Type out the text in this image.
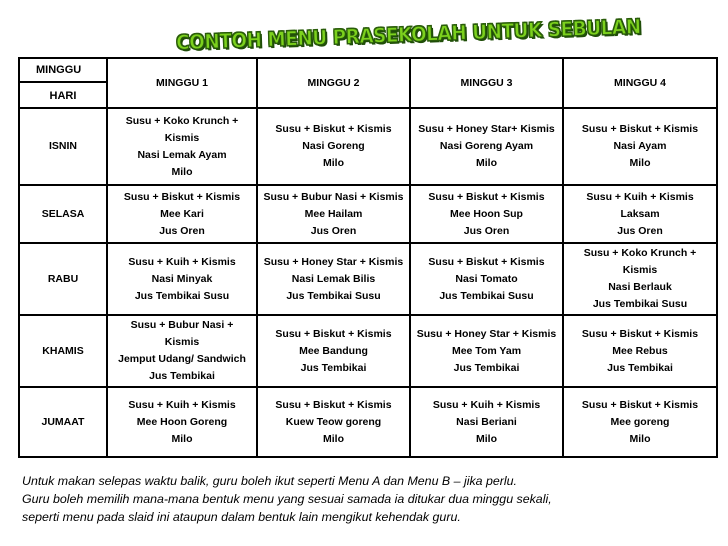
CONTOH MENU PRASEKOLAH UNTUK SEBULAN
MINGGU
HARI	MINGGU 1	MINGGU 2	MINGGU 3	MINGGU 4
ISNIN	Susu + Koko Krunch +
Kismis
Nasi Lemak Ayam
Milo	Susu + Biskut + Kismis
Nasi Goreng
Milo	Susu + Honey Star+ Kismis
Nasi Goreng Ayam
Milo	Susu + Biskut + Kismis
Nasi Ayam
Milo

SELASA	Susu + Biskut + Kismis
Mee Kari
Jus Oren	Susu + Bubur Nasi + Kismis
Mee Hailam
Jus Oren	Susu + Biskut + Kismis
Mee Hoon Sup
Jus Oren	Susu + Kuih + Kismis
Laksam
Jus Oren

RABU	Susu + Kuih + Kismis
Nasi Minyak
Jus Tembikai Susu	Susu + Honey Star + Kismis
Nasi Lemak Bilis
Jus Tembikai Susu	Susu + Biskut + Kismis
Nasi Tomato
Jus Tembikai Susu	Susu + Koko Krunch +
Kismis
Nasi Berlauk
Jus Tembikai Susu

KHAMIS	Susu + Bubur Nasi +
Kismis
Jemput Udang/ Sandwich
Jus Tembikai	Susu + Biskut + Kismis
Mee Bandung
Jus Tembikai	Susu + Honey Star + Kismis
Mee Tom Yam
Jus Tembikai	Susu + Biskut + Kismis
Mee Rebus
Jus Tembikai

JUMAAT	Susu + Kuih + Kismis
Mee Hoon Goreng
Milo	Susu + Biskut + Kismis
Kuew Teow goreng
Milo	Susu + Kuih + Kismis
Nasi Beriani
Milo	Susu + Biskut + Kismis
Mee goreng
Milo
Untuk makan selepas waktu balik, guru boleh ikut seperti Menu A dan Menu B – jika perlu.
Guru boleh memilih mana-mana bentuk menu yang sesuai samada ia ditukar dua minggu sekali,
seperti menu pada slaid ini ataupun dalam bentuk lain mengikut kehendak guru.
